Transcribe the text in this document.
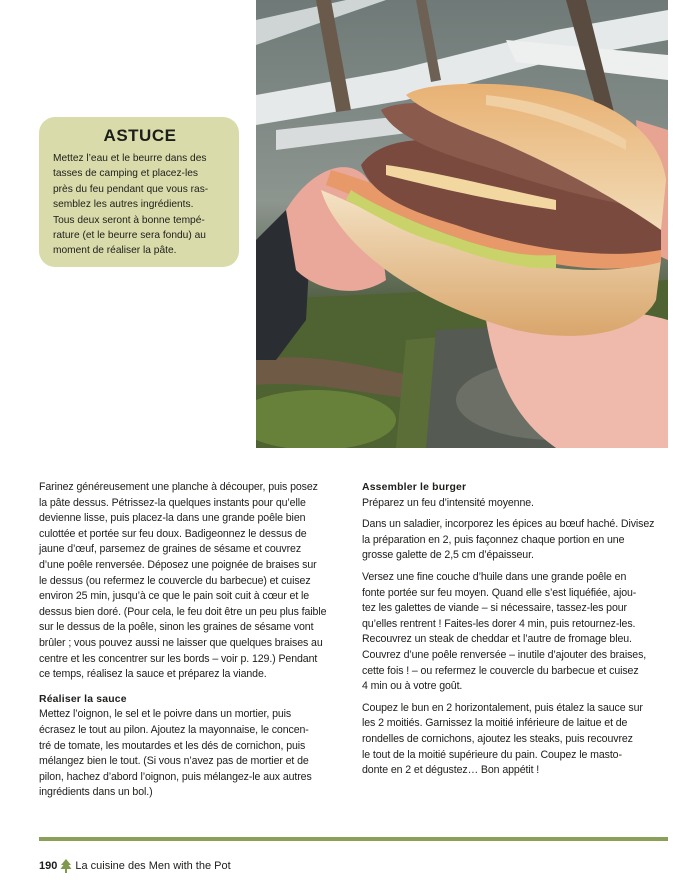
ASTUCE
Mettez l’eau et le beurre dans des
tasses de camping et placez-les
près du feu pendant que vous ras-
semblez les autres ingrédients.
Tous deux seront à bonne tempé-
rature (et le beurre sera fondu) au
moment de réaliser la pâte.
Farinez généreusement une planche à découper, puis posez
la pâte dessus. Pétrissez-la quelques instants pour qu’elle
devienne lisse, puis placez-la dans une grande poêle bien
culottée et portée sur feu doux. Badigeonnez le dessus de
jaune d’œuf, parsemez de graines de sésame et couvrez
d’une poêle renversée. Déposez une poignée de braises sur
le dessus (ou refermez le couvercle du barbecue) et cuisez
environ 25 min, jusqu’à ce que le pain soit cuit à cœur et le
dessus bien doré. (Pour cela, le feu doit être un peu plus faible
sur le dessus de la poêle, sinon les graines de sésame vont
brûler ; vous pouvez aussi ne laisser que quelques braises au
centre et les concentrer sur les bords – voir p. 129.) Pendant
ce temps, réalisez la sauce et préparez la viande.
Réaliser la sauce
Mettez l’oignon, le sel et le poivre dans un mortier, puis
écrasez le tout au pilon. Ajoutez la mayonnaise, le concen-
tré de tomate, les moutardes et les dés de cornichon, puis
mélangez bien le tout. (Si vous n’avez pas de mortier et de
pilon, hachez d’abord l’oignon, puis mélangez-le aux autres
ingrédients dans un bol.)
Assembler le burger
Préparez un feu d’intensité moyenne.
Dans un saladier, incorporez les épices au bœuf haché. Divisez
la préparation en 2, puis façonnez chaque portion en une
grosse galette de 2,5 cm d’épaisseur.
Versez une fine couche d’huile dans une grande poêle en
fonte portée sur feu moyen. Quand elle s’est liquéfiée, ajou-
tez les galettes de viande – si nécessaire, tassez-les pour
qu’elles rentrent ! Faites-les dorer 4 min, puis retournez-les.
Recouvrez un steak de cheddar et l’autre de fromage bleu.
Couvrez d’une poêle renversée – inutile d’ajouter des braises,
cette fois ! – ou refermez le couvercle du barbecue et cuisez
4 min ou à votre goût.
Coupez le bun en 2 horizontalement, puis étalez la sauce sur
les 2 moitiés. Garnissez la moitié inférieure de laitue et de
rondelles de cornichons, ajoutez les steaks, puis recouvrez
le tout de la moitié supérieure du pain. Coupez le masto-
donte en 2 et dégustez… Bon appétit !
190 La cuisine des Men with the Pot
